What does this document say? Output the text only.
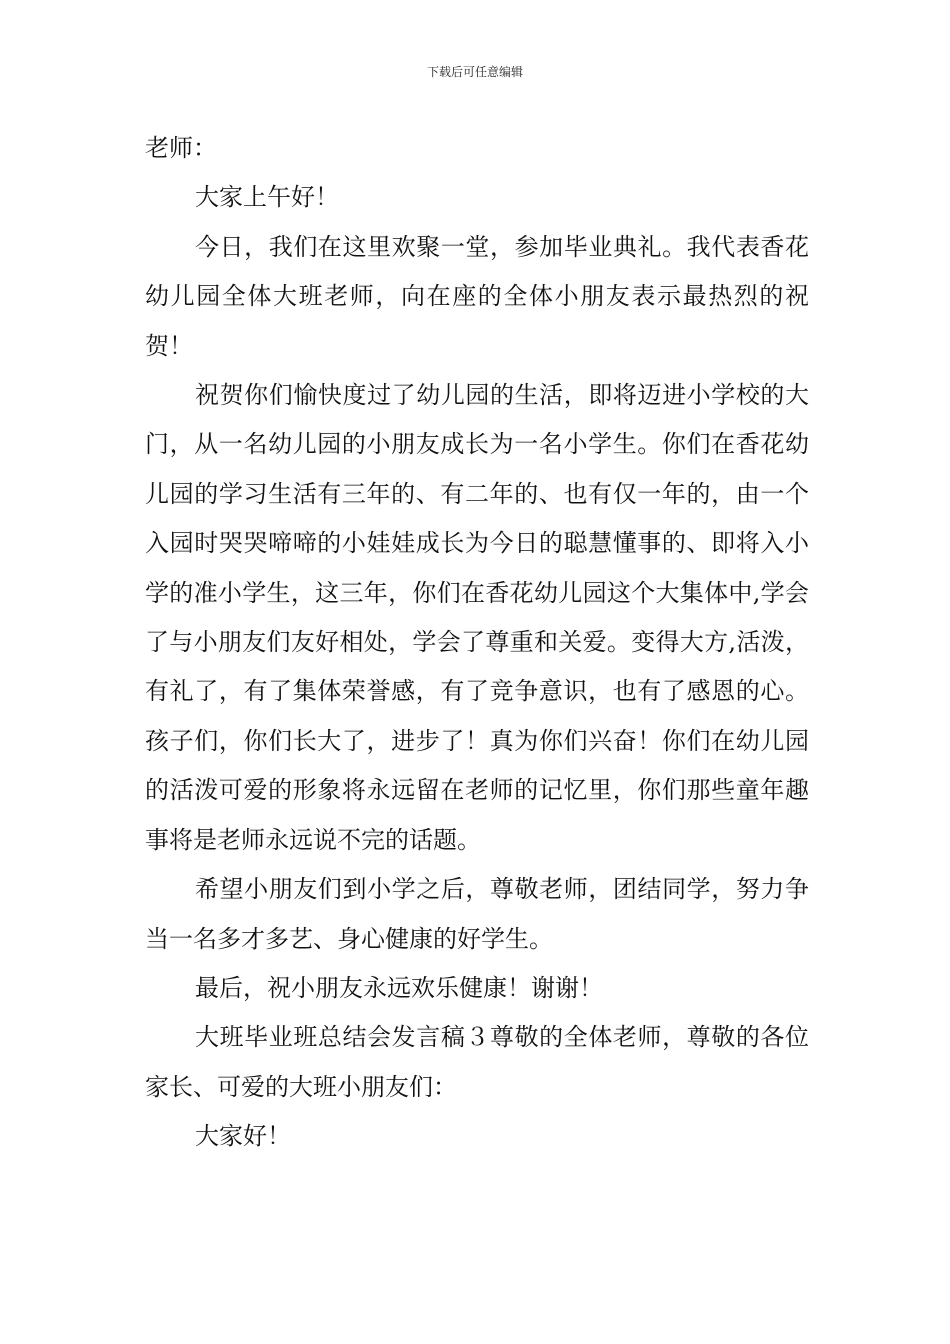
下载后可任意编辑

老师：

大家上午好！

今日，我们在这里欢聚一堂，参加毕业典礼。我代表香花幼儿园全体大班老师，向在座的全体小朋友表示最热烈的祝贺！

祝贺你们愉快度过了幼儿园的生活，即将迈进小学校的大门，从一名幼儿园的小朋友成长为一名小学生。你们在香花幼儿园的学习生活有三年的、有二年的、也有仅一年的，由一个入园时哭哭啼啼的小娃娃成长为今日的聪慧懂事的、即将入小学的准小学生，这三年，你们在香花幼儿园这个大集体中,学会了与小朋友们友好相处，学会了尊重和关爱。变得大方,活泼，有礼了，有了集体荣誉感，有了竞争意识，也有了感恩的心。孩子们，你们长大了，进步了！真为你们兴奋！你们在幼儿园的活泼可爱的形象将永远留在老师的记忆里，你们那些童年趣事将是老师永远说不完的话题。

希望小朋友们到小学之后，尊敬老师，团结同学，努力争当一名多才多艺、身心健康的好学生。

最后，祝小朋友永远欢乐健康！谢谢！

大班毕业班总结会发言稿３尊敬的全体老师，尊敬的各位家长、可爱的大班小朋友们：

大家好！
